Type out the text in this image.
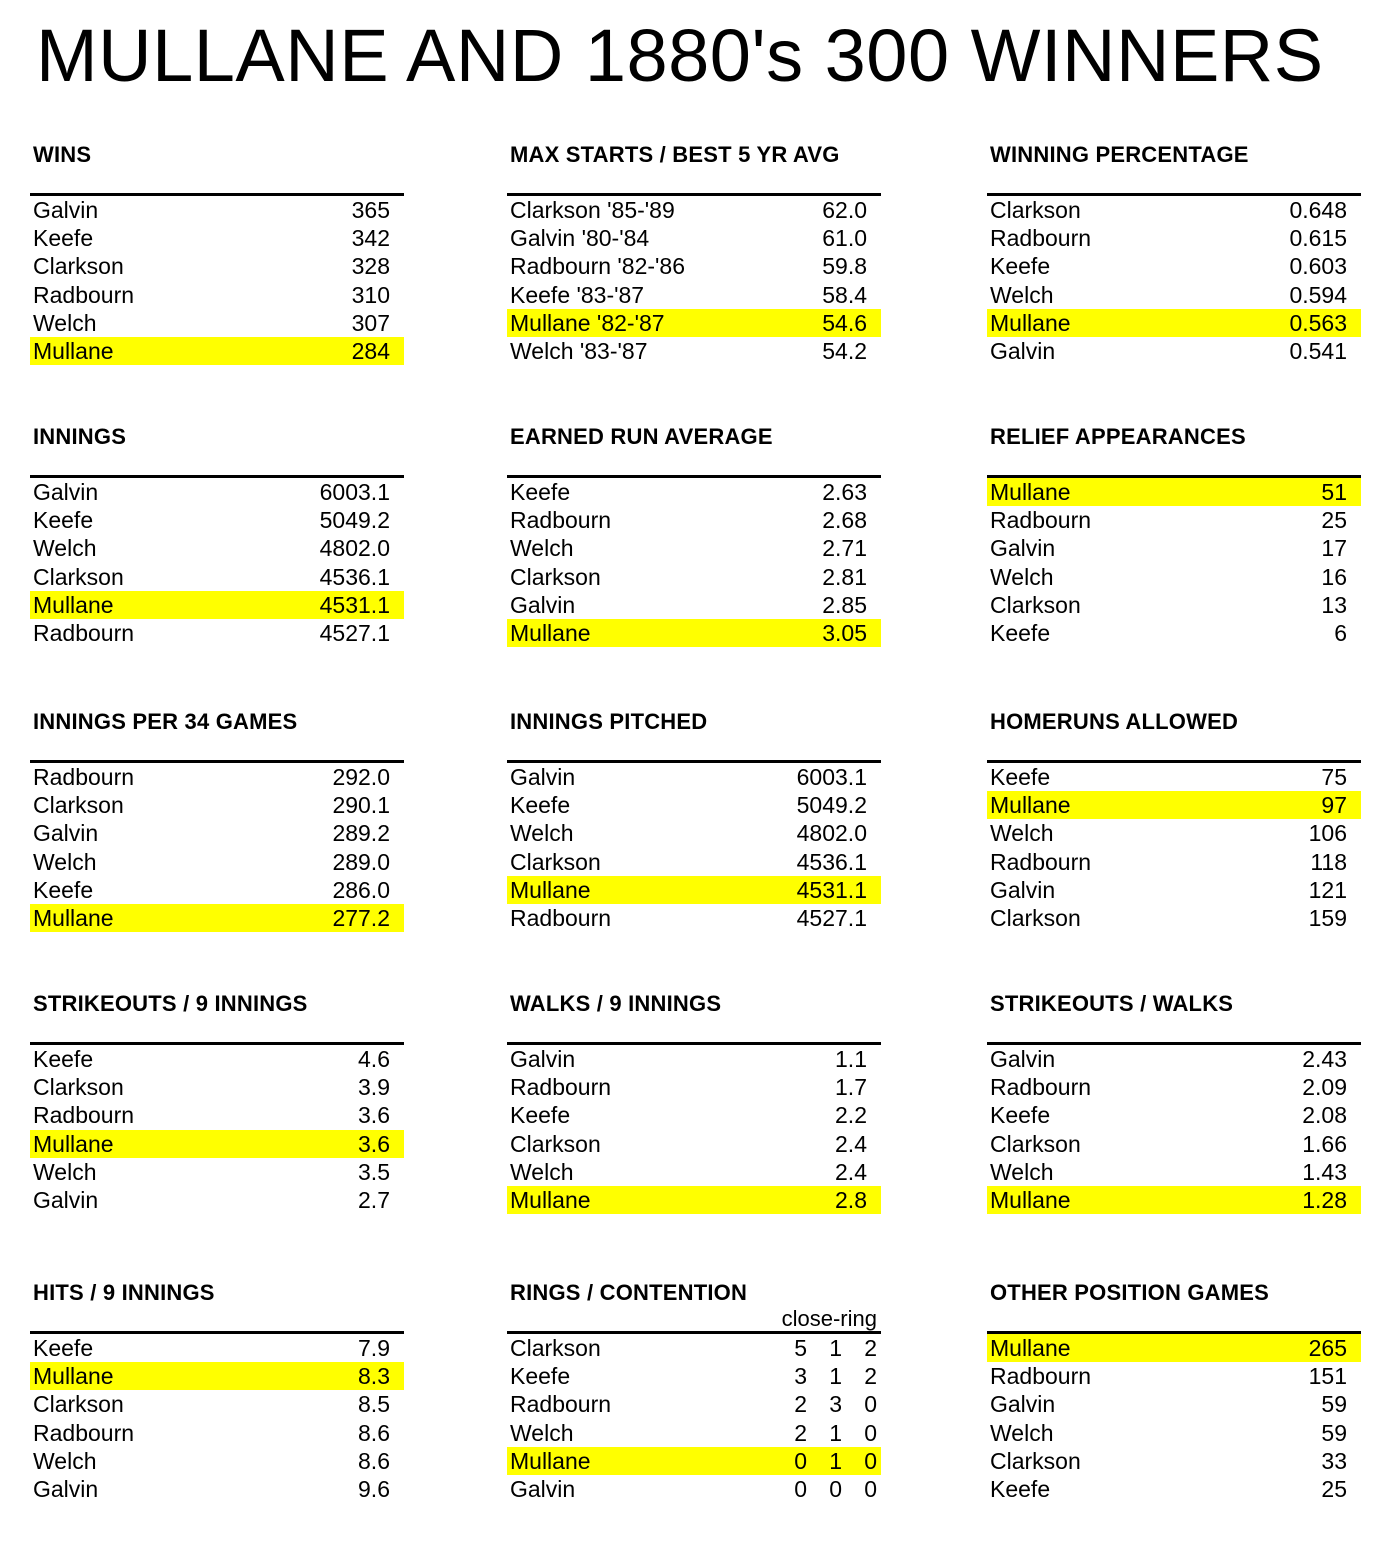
MULLANE AND 1880's 300 WINNERS
WINS
Galvin	365
Keefe	342
Clarkson	328
Radbourn	310
Welch	307
Mullane	284
MAX STARTS / BEST 5 YR AVG
Clarkson '85-'89	62.0
Galvin '80-'84	61.0
Radbourn '82-'86	59.8
Keefe '83-'87	58.4
Mullane '82-'87	54.6
Welch '83-'87	54.2
WINNING PERCENTAGE
Clarkson	0.648
Radbourn	0.615
Keefe	0.603
Welch	0.594
Mullane	0.563
Galvin	0.541
INNINGS
Galvin	6003.1
Keefe	5049.2
Welch	4802.0
Clarkson	4536.1
Mullane	4531.1
Radbourn	4527.1
EARNED RUN AVERAGE
Keefe	2.63
Radbourn	2.68
Welch	2.71
Clarkson	2.81
Galvin	2.85
Mullane	3.05
RELIEF APPEARANCES
Mullane	51
Radbourn	25
Galvin	17
Welch	16
Clarkson	13
Keefe	6
INNINGS PER 34 GAMES
Radbourn	292.0
Clarkson	290.1
Galvin	289.2
Welch	289.0
Keefe	286.0
Mullane	277.2
INNINGS PITCHED
Galvin	6003.1
Keefe	5049.2
Welch	4802.0
Clarkson	4536.1
Mullane	4531.1
Radbourn	4527.1
HOMERUNS ALLOWED
Keefe	75
Mullane	97
Welch	106
Radbourn	118
Galvin	121
Clarkson	159
STRIKEOUTS / 9 INNINGS
Keefe	4.6
Clarkson	3.9
Radbourn	3.6
Mullane	3.6
Welch	3.5
Galvin	2.7
WALKS / 9 INNINGS
Galvin	1.1
Radbourn	1.7
Keefe	2.2
Clarkson	2.4
Welch	2.4
Mullane	2.8
STRIKEOUTS / WALKS
Galvin	2.43
Radbourn	2.09
Keefe	2.08
Clarkson	1.66
Welch	1.43
Mullane	1.28
HITS / 9 INNINGS
Keefe	7.9
Mullane	8.3
Clarkson	8.5
Radbourn	8.6
Welch	8.6
Galvin	9.6
RINGS / CONTENTION
close-ring
Clarkson	5 1 2
Keefe	3 1 2
Radbourn	2 3 0
Welch	2 1 0
Mullane	0 1 0
Galvin	0 0 0
OTHER POSITION GAMES
Mullane	265
Radbourn	151
Galvin	59
Welch	59
Clarkson	33
Keefe	25
